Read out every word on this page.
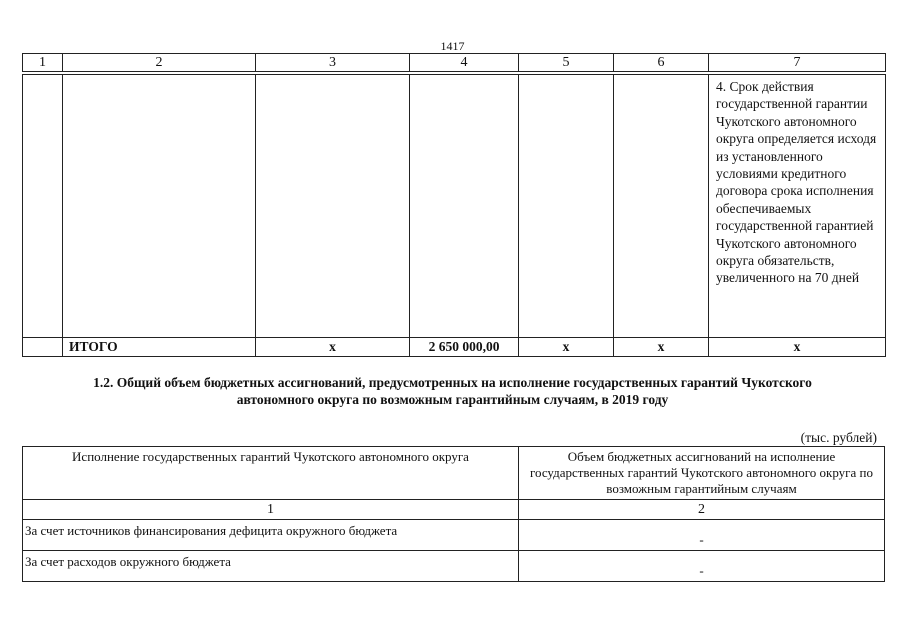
1417
1	2	3	4	5	6	7
						4. Срок действия государственной гарантии Чукотского автономного округа определяется исходя из установленного условиями кредитного договора срока исполнения обеспечиваемых государственной гарантией Чукотского автономного округа обязательств, увеличенного на 70 дней
	ИТОГО	x	2 650 000,00	x	x	x
1.2. Общий объем бюджетных ассигнований, предусмотренных на исполнение государственных гарантий Чукотского
автономного округа по возможным гарантийным случаям, в 2019 году
(тыс. рублей)
Исполнение государственных гарантий Чукотского автономного округа	Объем бюджетных ассигнований на исполнение государственных гарантий Чукотского автономного округа по возможным гарантийным случаям
1	2
За счет источников финансирования дефицита окружного бюджета	-
За счет расходов окружного бюджета	-
